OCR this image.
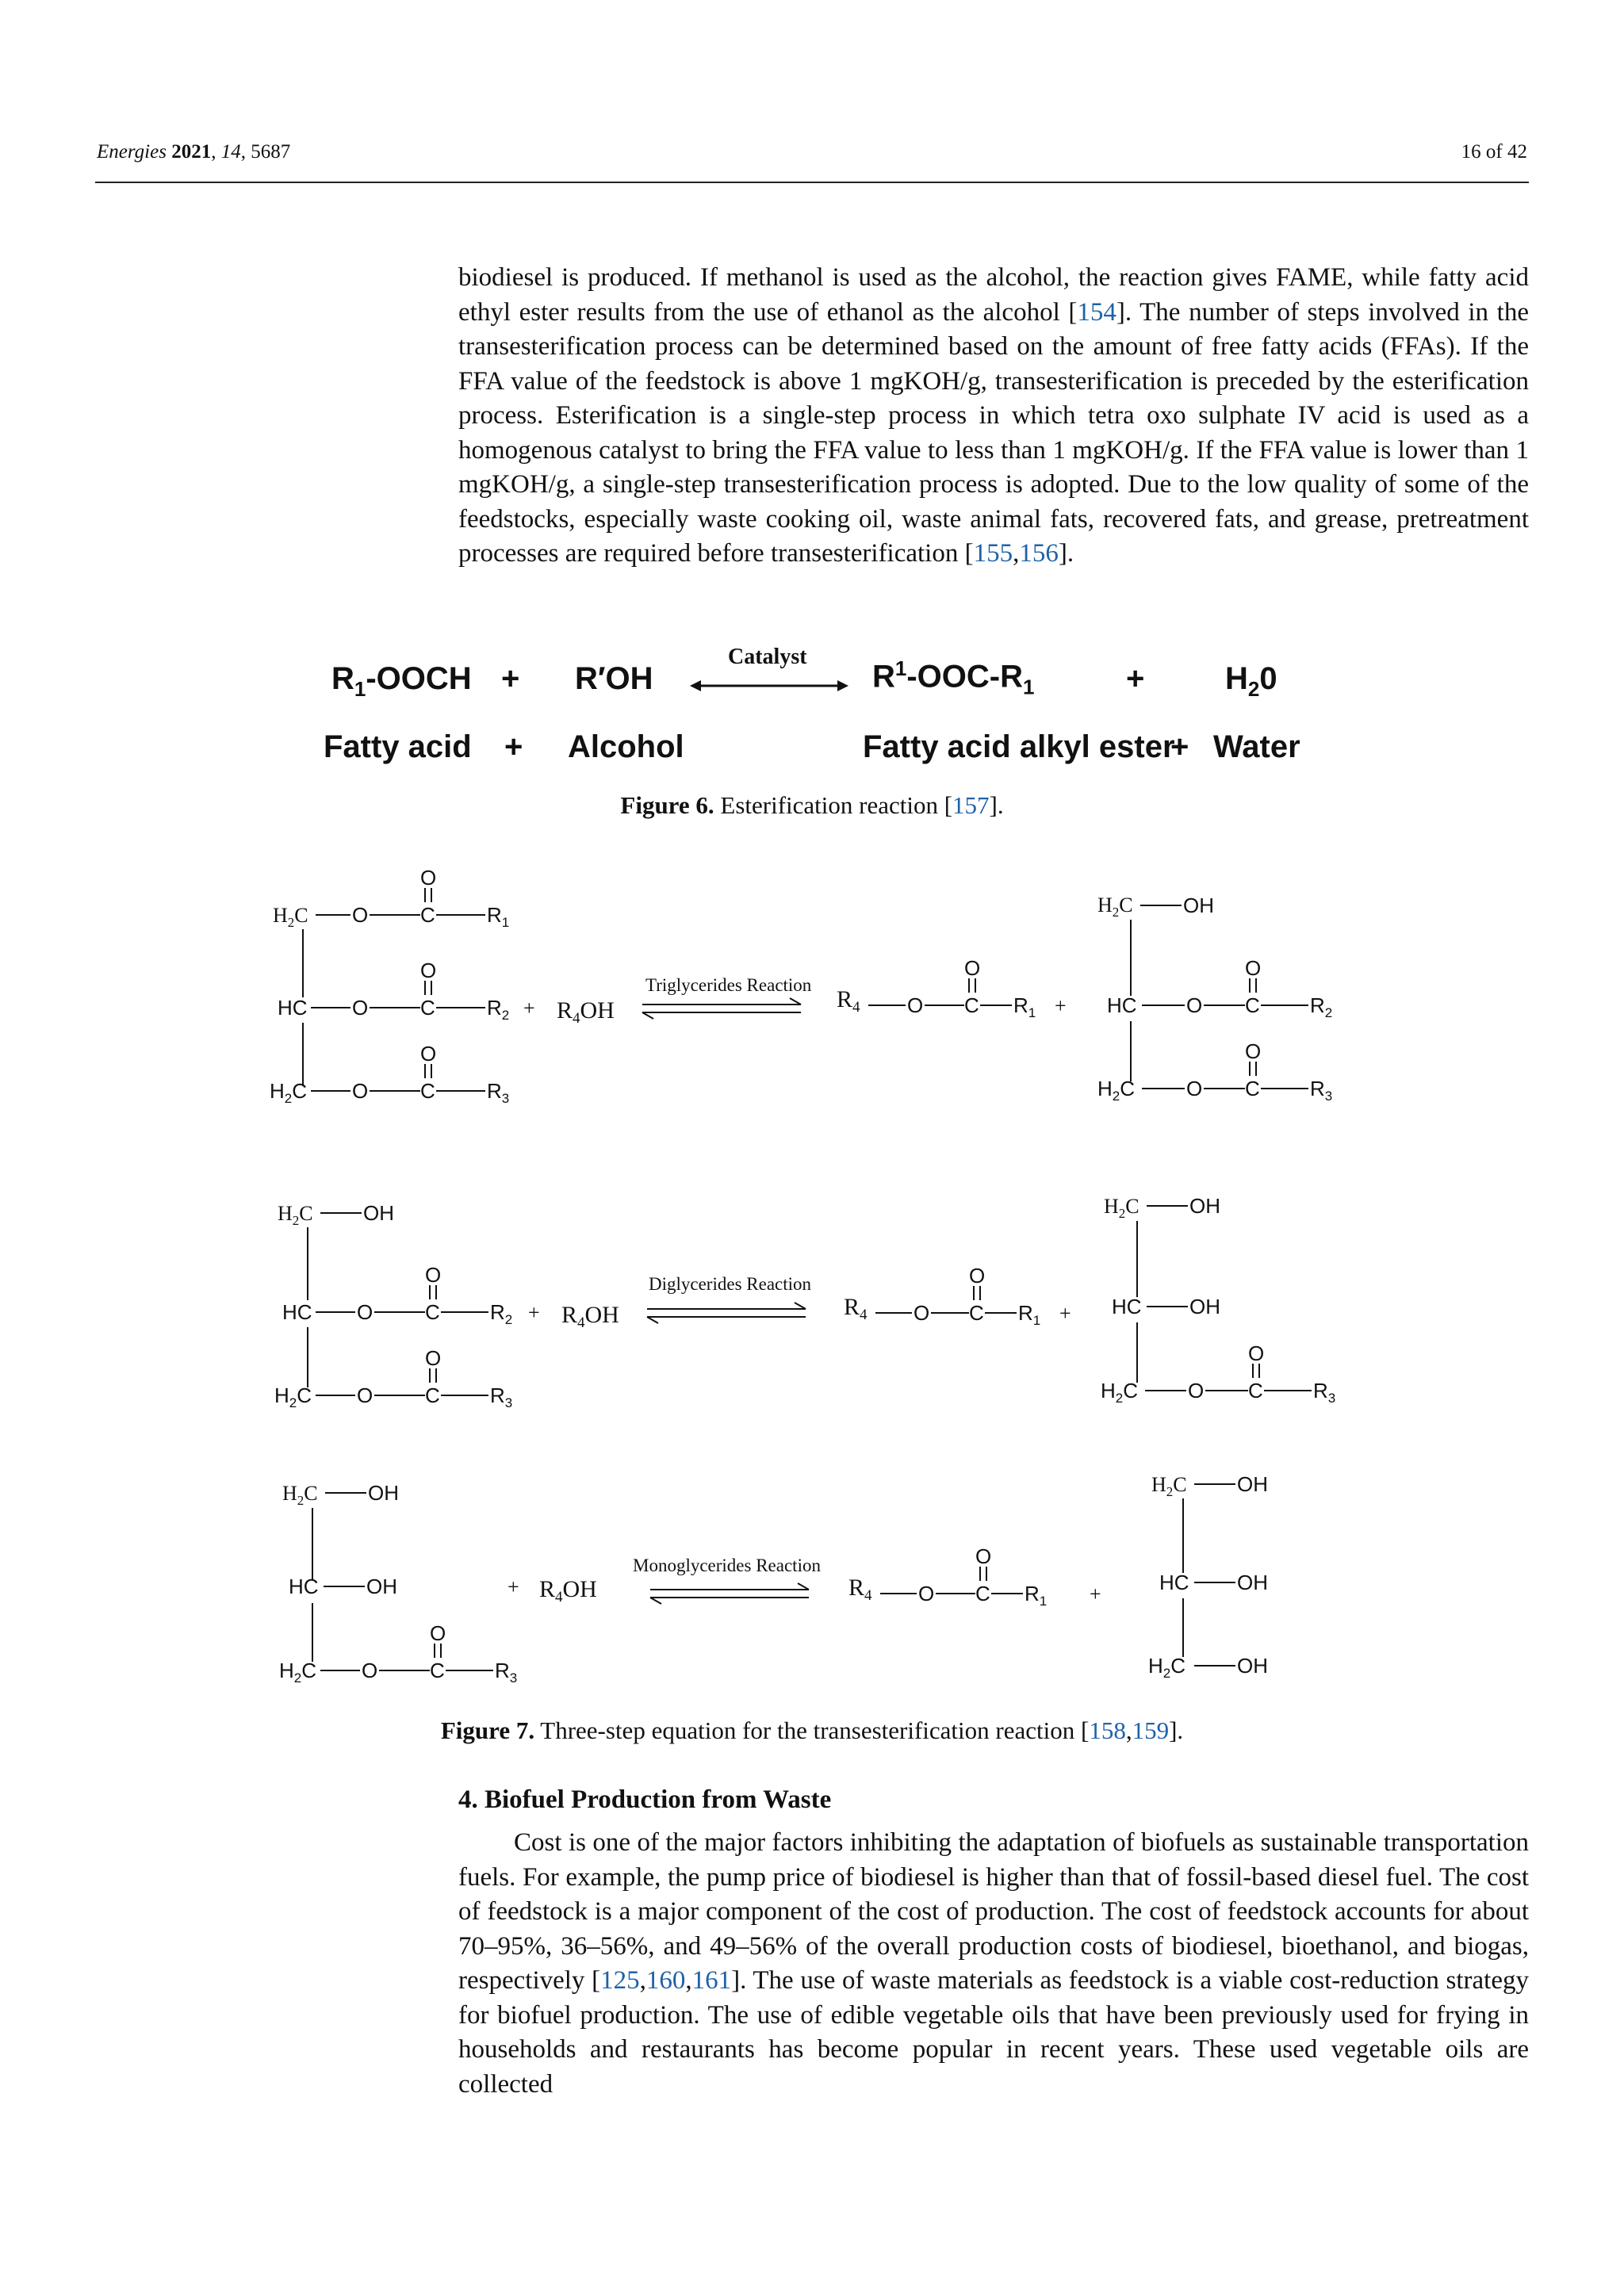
Energies 2021, 14, 5687	16 of 42

biodiesel is produced. If methanol is used as the alcohol, the reaction gives FAME, while fatty acid ethyl ester results from the use of ethanol as the alcohol [154]. The number of steps involved in the transesterification process can be determined based on the amount of free fatty acids (FFAs). If the FFA value of the feedstock is above 1 mgKOH/g, transesterification is preceded by the esterification process. Esterification is a single-step process in which tetra oxo sulphate IV acid is used as a homogenous catalyst to bring the FFA value to less than 1 mgKOH/g. If the FFA value is lower than 1 mgKOH/g, a single-step transesterification process is adopted. Due to the low quality of some of the feedstocks, especially waste cooking oil, waste animal fats, recovered fats, and grease, pretreatment processes are required before transesterification [155,156].

Catalyst
$R_1$-OOCH + R′OH	$R^1-OOC-R_1$	+	$H_20$
Fatty acid + Alcohol	Fatty acid alkyl ester
+ Water
Figure 6. Esterification reaction [157].
$H_2C$ O	C
O
$R_1$
HC O	C
O
$R_2$
$H_2C$ O	C
O
$R_3$
+ $R_4OH$	$R_4$ O C
O
$R_1$ +
$H_2C$ OH
HC O C
O
$R_2$
$H_2C$ O C
O
$R_3$
$H_2C$ OH
HC O	C
O
$R_2$
$H_2C$ O	C
O
$R_3$
+ $R_4OH$	$R_4$ O C
O
$R_1$ +
$H_2C$ OH
HC OH
$H_2C$ O C
O
$R_3$
$H_2C$ OH
HC OH
$H_2C$ O	C
O
$R_3$
+ $R_4OH$	$R_4$ O C
O
$R_1$ +
$H_2C$ OH
HC OH
$H_2C$ OH
Triglycerides Reaction
Diglycerides Reaction
Monoglycerides Reaction
Figure 7. Three-step equation for the transesterification reaction [158,159].
4. Biofuel Production from Waste

Cost is one of the major factors inhibiting the adaptation of biofuels as sustainable transportation fuels. For example, the pump price of biodiesel is higher than that of fossil-based diesel fuel. The cost of feedstock is a major component of the cost of production. The cost of feedstock accounts for about 70–95%, 36–56%, and 49–56% of the overall production costs of biodiesel, bioethanol, and biogas, respectively [125,160,161]. The use of waste materials as feedstock is a viable cost-reduction strategy for biofuel production. The use of edible vegetable oils that have been previously used for frying in households and restaurants has become popular in recent years. These used vegetable oils are collected
